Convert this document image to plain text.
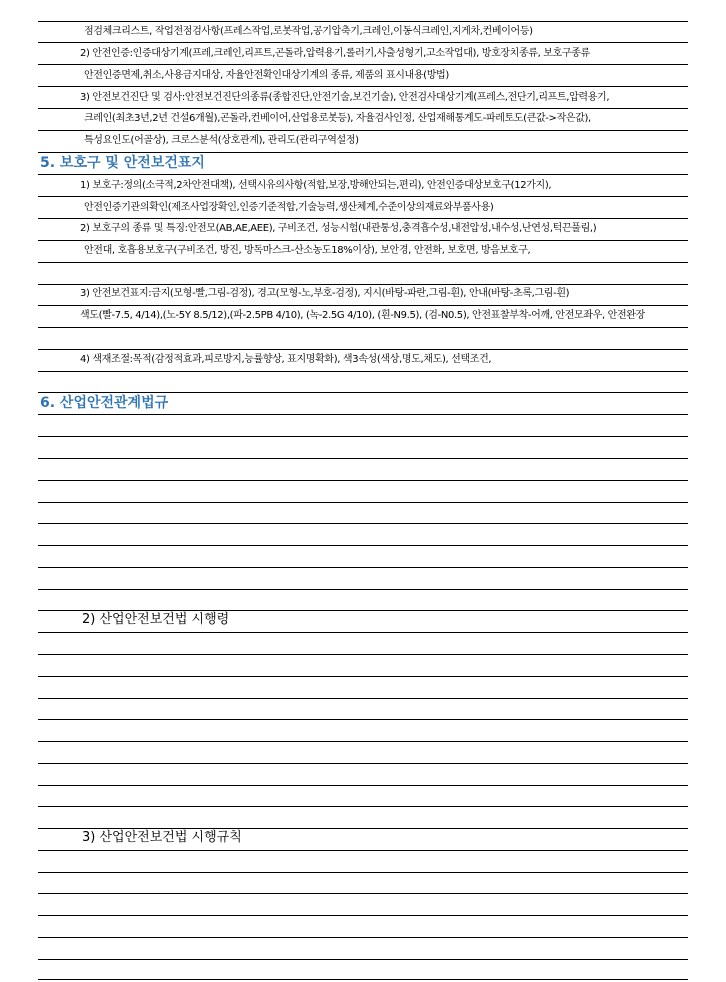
점검체크리스트, 작업전점검사항(프레스작업,로봇작업,공기압축기,크레인,이동식크레인,지게차,컨베이어등)
2) 안전인증:인증대상기계(프레,크레인,리프트,곤돌라,압력용기,롤러기,사출성형기,고소작업대), 방호장치종류, 보호구종류
안전인증면제,취소,사용금지대상, 자율안전확인대상기계의 종류, 제품의 표시내용(방법)
3) 안전보건진단 및 검사:안전보건진단의종류(종합진단,안전기술,보건기술), 안전검사대상기계(프레스,전단기,리프트,압력용기,
크레인(최초3년,2년 건설6개월),곤돌라,컨베이어,산업용로봇등), 자율검사인정, 산업재해통계도-파레토도(큰값->작은값),
특성요인도(어골상), 크로스분석(상호관계), 관리도(관리구역설정)
5. 보호구 및 안전보건표지
1) 보호구:정의(소극적,2차안전대책), 선택시유의사항(적합,보장,방해안되는,편리), 안전인증대상보호구(12가지),
안전인증기관의확인(제조사업장확인,인증기준적합,기술능력,생산체계,수준이상의재료와부품사용)
2) 보호구의 종류 및 특징:안전모(AB,AE,AEE), 구비조건, 성능시험(내관통성,충격흡수성,내전압성,내수성,난연성,턱끈풀림,)
안전대, 호흡용보호구(구비조건, 방진, 방독마스크-산소농도18%이상), 보안경, 안전화, 보호면, 방음보호구,
3) 안전보건표지:금지(모형-빨,그림-검정), 경고(모형-노,부호-검정), 지시(바탕-파란,그림-흰), 안내(바탕-초록,그림-흰)
색도(빨-7.5, 4/14),(노-5Y 8.5/12),(파-2.5PB 4/10), (녹-2.5G 4/10), (흰-N9.5), (검-N0.5), 안전표찰부착-어깨, 안전모좌우, 안전완장
4) 색재조절:목적(감정적효과,피로방지,능률향상, 표지명확화), 색3속성(색상,명도,채도), 선택조건,
6. 산업안전관계법규
2) 산업안전보건법 시행령
3) 산업안전보건법 시행규칙
